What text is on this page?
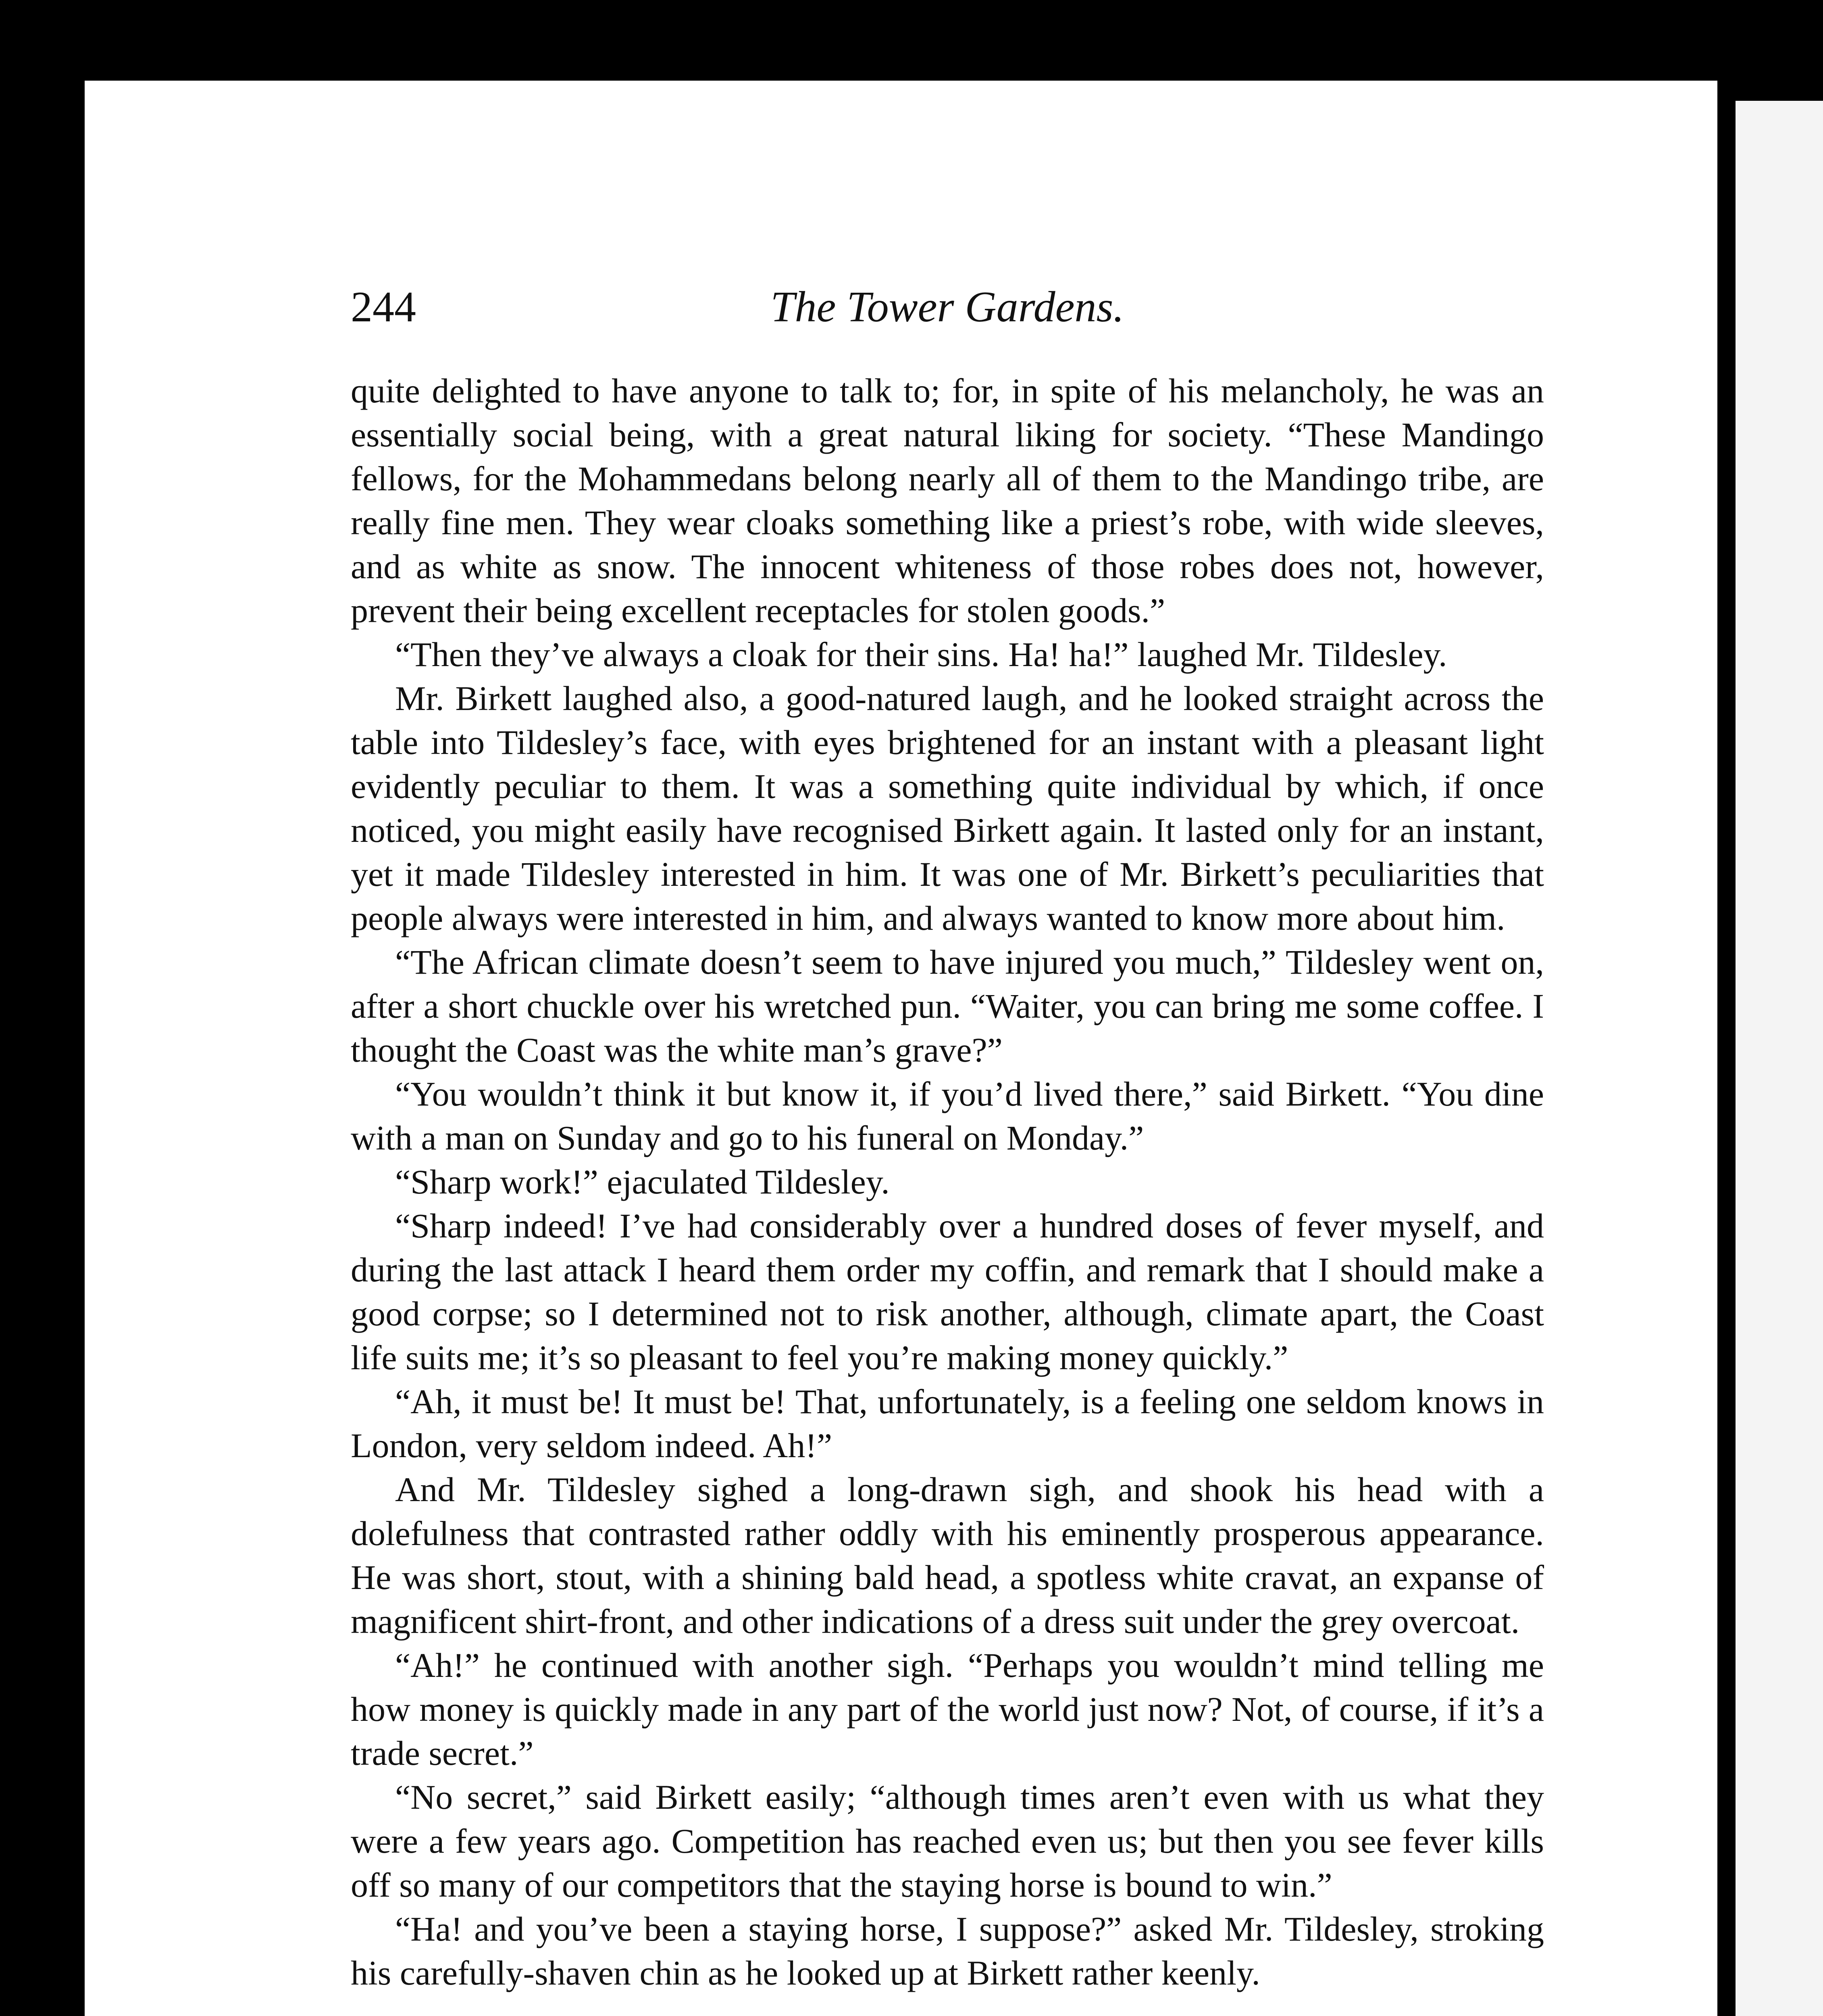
244	The Tower Gardens.

quite delighted to have anyone to talk to; for, in spite of his melancholy, he was an essentially social being, with a great natural liking for society. “These Mandingo fellows, for the Mohammedans belong nearly all of them to the Mandingo tribe, are really fine men. They wear cloaks something like a priest’s robe, with wide sleeves, and as white as snow. The innocent whiteness of those robes does not, however, prevent their being excellent receptacles for stolen goods.”

“Then they’ve always a cloak for their sins. Ha! ha!” laughed Mr. Tildesley.

Mr. Birkett laughed also, a good-natured laugh, and he looked straight across the table into Tildesley’s face, with eyes brightened for an instant with a pleasant light evidently peculiar to them. It was a something quite individual by which, if once noticed, you might easily have recognised Birkett again. It lasted only for an instant, yet it made Tildesley interested in him. It was one of Mr. Birkett’s peculiarities that people always were interested in him, and always wanted to know more about him.

“The African climate doesn’t seem to have injured you much,” Tildesley went on, after a short chuckle over his wretched pun. “Waiter, you can bring me some coffee. I thought the Coast was the white man’s grave?”

“You wouldn’t think it but know it, if you’d lived there,” said Birkett. “You dine with a man on Sunday and go to his funeral on Monday.”

“Sharp work!” ejaculated Tildesley.

“Sharp indeed! I’ve had considerably over a hundred doses of fever myself, and during the last attack I heard them order my coffin, and remark that I should make a good corpse; so I determined not to risk another, although, climate apart, the Coast life suits me; it’s so pleasant to feel you’re making money quickly.”

“Ah, it must be! It must be! That, unfortunately, is a feeling one seldom knows in London, very seldom indeed. Ah!”

And Mr. Tildesley sighed a long-drawn sigh, and shook his head with a dolefulness that contrasted rather oddly with his eminently prosperous appearance. He was short, stout, with a shining bald head, a spotless white cravat, an expanse of magnificent shirt-front, and other indications of a dress suit under the grey overcoat.

“Ah!” he continued with another sigh. “Perhaps you wouldn’t mind telling me how money is quickly made in any part of the world just now? Not, of course, if it’s a trade secret.”

“No secret,” said Birkett easily; “although times aren’t even with us what they were a few years ago. Competition has reached even us; but then you see fever kills off so many of our competitors that the staying horse is bound to win.”

“Ha! and you’ve been a staying horse, I suppose?” asked Mr. Tildesley, stroking his carefully-shaven chin as he looked up at Birkett rather keenly.
